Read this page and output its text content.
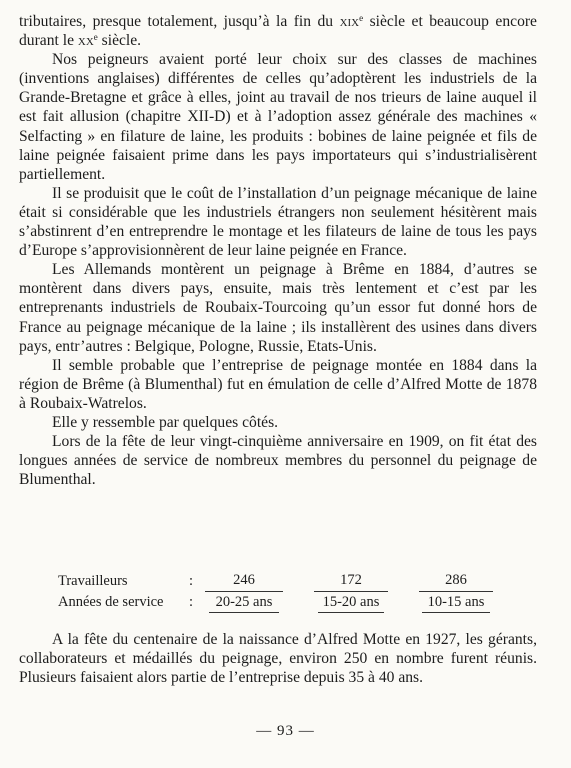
tributaires, presque totalement, jusqu’à la fin du xix$^e$ siècle et beaucoup encore durant le $xx^e$ siècle.

Nos peigneurs avaient porté leur choix sur des classes de machines (inventions anglaises) différentes de celles qu’adoptèrent les industriels de la Grande-Bretagne et grâce à elles, joint au travail de nos trieurs de laine auquel il est fait allusion (chapitre XII-D) et à l’adoption assez générale des machines « Selfacting » en filature de laine, les produits : bobines de laine peignée et fils de laine peignée faisaient prime dans les pays importateurs qui s’industrialisèrent partiellement.

Il se produisit que le coût de l’installation d’un peignage mécanique de laine était si considérable que les industriels étrangers non seulement hésitèrent mais s’abstinrent d’en entreprendre le montage et les filateurs de laine de tous les pays d’Europe s’approvisionnèrent de leur laine peignée en France.

Les Allemands montèrent un peignage à Brême en 1884, d’autres se montèrent dans divers pays, ensuite, mais très lentement et c’est par les entreprenants industriels de Roubaix-Tourcoing qu’un essor fut donné hors de France au peignage mécanique de la laine ; ils installèrent des usines dans divers pays, entr’autres : Belgique, Pologne, Russie, Etats-Unis.

Il semble probable que l’entreprise de peignage montée en 1884 dans la région de Brême (à Blumenthal) fut en émulation de celle d’Alfred Motte de 1878 à Roubaix-Watrelos.

Elle y ressemble par quelques côtés.

Lors de la fête de leur vingt-cinquième anniversaire en 1909, on fit état des longues années de service de nombreux membres du personnel du peignage de Blumenthal.

Travailleurs	:	246		172		286
Années de service	:	20-25 ans		15-20 ans		10-15 ans

A la fête du centenaire de la naissance d’Alfred Motte en 1927, les gérants, collaborateurs et médaillés du peignage, environ 250 en nombre furent réunis. Plusieurs faisaient alors partie de l’entreprise depuis 35 à 40 ans.

— 93 —
